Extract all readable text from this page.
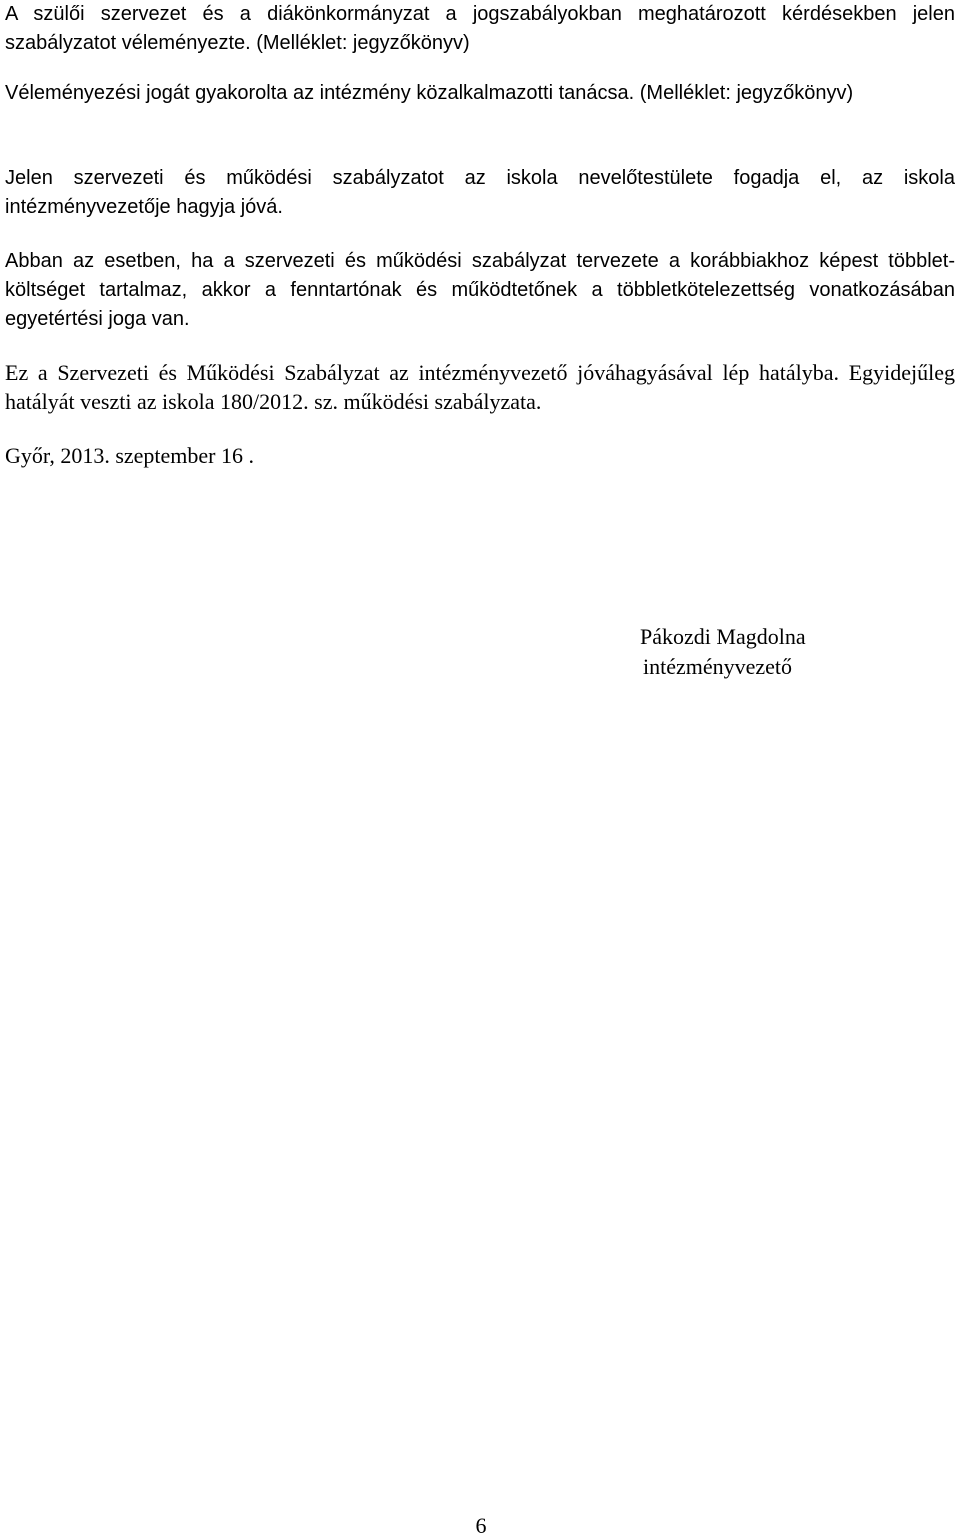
A szülői szervezet és a diákönkormányzat a jogszabályokban meghatározott kérdésekben jelen szabályzatot véleményezte. (Melléklet: jegyzőkönyv)

Véleményezési jogát gyakorolta az intézmény közalkalmazotti tanácsa. (Melléklet: jegyzőkönyv)

Jelen szervezeti és működési szabályzatot az iskola nevelőtestülete fogadja el, az iskola intézményvezetője hagyja jóvá.

Abban az esetben, ha a szervezeti és működési szabályzat tervezete a korábbiakhoz képest többlet-költséget tartalmaz, akkor a fenntartónak és működtetőnek a többletkötelezettség vonatkozásában egyetértési joga van.

Ez a Szervezeti és Működési Szabályzat az intézményvezető jóváhagyásával lép hatályba. Egyidejűleg hatályát veszti az iskola 180/2012. sz. működési szabályzata.

Győr, 2013. szeptember 16 .

Pákozdi Magdolna
intézményvezető
6
